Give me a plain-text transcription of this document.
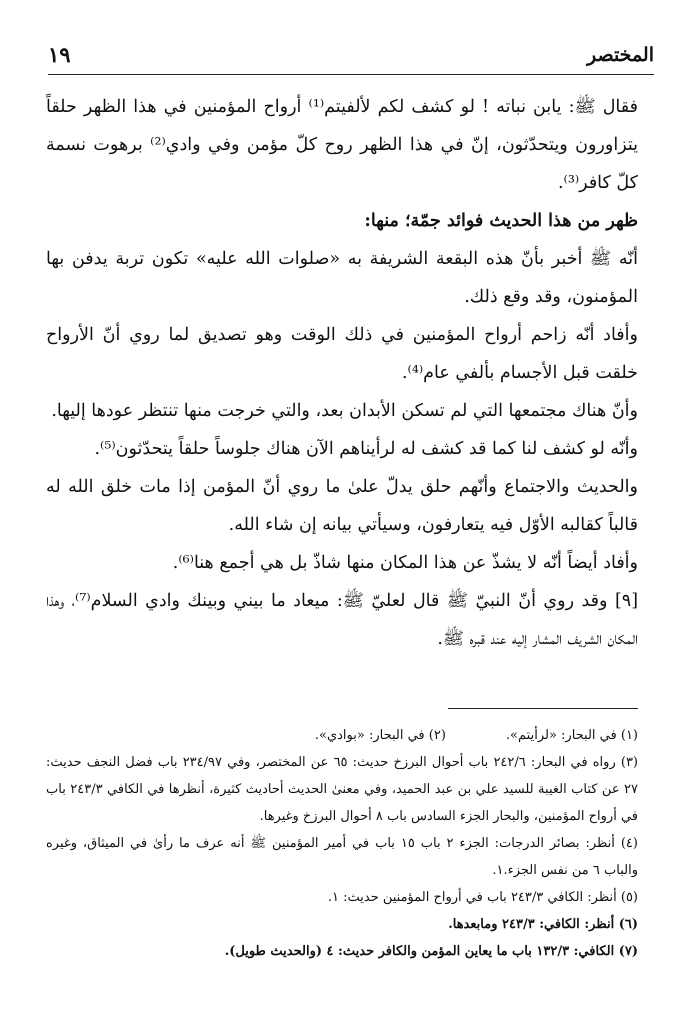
المختصر
١٩

فقال ﷺ: يابن نباته ! لو كشف لكم لألفيتم⁽¹⁾ أرواح المؤمنين في هذا الظهر حلقاً يتزاورون ويتحدّثون، إنّ في هذا الظهر روح كلّ مؤمن وفي وادي⁽²⁾ برهوت نسمة كلّ كافر⁽³⁾.

ظهر من هذا الحديث فوائد جمّة؛ منها:

أنّه ﷺ أخبر بأنّ هذه البقعة الشريفة به «صلوات الله عليه» تكون تربة يدفن بها المؤمنون، وقد وقع ذلك.

وأفاد أنّه زاحم أرواح المؤمنين في ذلك الوقت وهو تصديق لما روي أنّ الأرواح خلقت قبل الأجسام بألفي عام⁽⁴⁾.

وأنّ هناك مجتمعها التي لم تسكن الأبدان بعد، والتي خرجت منها تنتظر عودها إليها.

وأنّه لو كشف لنا كما قد كشف له لرأيناهم الآن هناك جلوساً حلقاً يتحدّثون⁽⁵⁾.

والحديث والاجتماع وأنّهم حلق يدلّ علىٰ ما روي أنّ المؤمن إذا مات خلق الله له قالباً كقالبه الأوّل فيه يتعارفون، وسيأتي بيانه إن شاء الله.

وأفاد أيضاً أنّه لا يشذّ عن هذا المكان منها شاذّ بل هي أجمع هنا⁽⁶⁾.

[٩] وقد روي أنّ النبيّ ﷺ قال لعليّ ﷺ: ميعاد ما بيني وبينك وادي السلام⁽⁷⁾، وهذا المكان الشريف المشار إليه عند قبره ﷺ.

(١) في البحار: «لرأيتم».
(٢) في البحار: «بوادي».

(٣) رواه في البحار: ٢٤٢/٦ باب أحوال البرزخ حديث: ٦٥ عن المختصر، وفي ٢٣٤/٩٧ باب فضل النجف حديث: ٢٧ عن كتاب الغيبة للسيد علي بن عبد الحميد، وفي معنىٰ الحديث أحاديث كثيرة، أنظرها في الكافي ٢٤٣/٣ باب في أرواح المؤمنين، والبحار الجزء السادس باب ٨ أحوال البرزخ وغيرها.

(٤) أنظر: بصائر الدرجات: الجزء ٢ باب ١٥ باب في أمير المؤمنين ﷺ أنه عرف ما رأىٰ في الميثاق، وغيره والباب ٦ من نفس الجزء.١.

(٥) أنظر: الكافي ٢٤٣/٣ باب في أرواح المؤمنين حديث: ١.

(٦) أنظر: الكافي: ٢٤٣/٣ ومابعدها.

(٧) الكافي: ١٣٢/٣ باب ما يعاين المؤمن والكافر حديث: ٤ (والحديث طويل).
